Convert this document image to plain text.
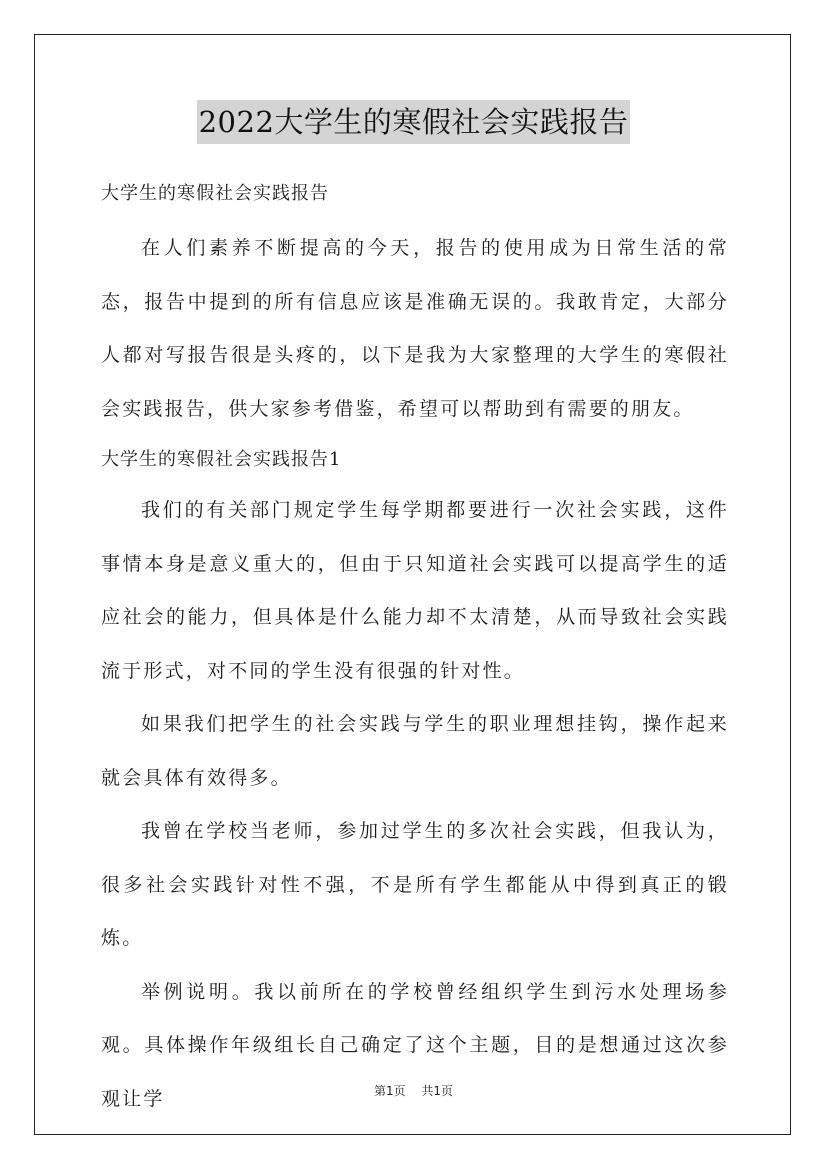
2022大学生的寒假社会实践报告

大学生的寒假社会实践报告

在人们素养不断提高的今天，报告的使用成为日常生活的常态，报告中提到的所有信息应该是准确无误的。我敢肯定，大部分人都对写报告很是头疼的，以下是我为大家整理的大学生的寒假社会实践报告，供大家参考借鉴，希望可以帮助到有需要的朋友。

大学生的寒假社会实践报告1

我们的有关部门规定学生每学期都要进行一次社会实践，这件事情本身是意义重大的，但由于只知道社会实践可以提高学生的适应社会的能力，但具体是什么能力却不太清楚，从而导致社会实践流于形式，对不同的学生没有很强的针对性。

如果我们把学生的社会实践与学生的职业理想挂钩，操作起来就会具体有效得多。

我曾在学校当老师，参加过学生的多次社会实践，但我认为，很多社会实践针对性不强，不是所有学生都能从中得到真正的锻炼。

举例说明。我以前所在的学校曾经组织学生到污水处理场参观。具体操作年级组长自己确定了这个主题，目的是想通过这次参观让学	第1页 共1页
